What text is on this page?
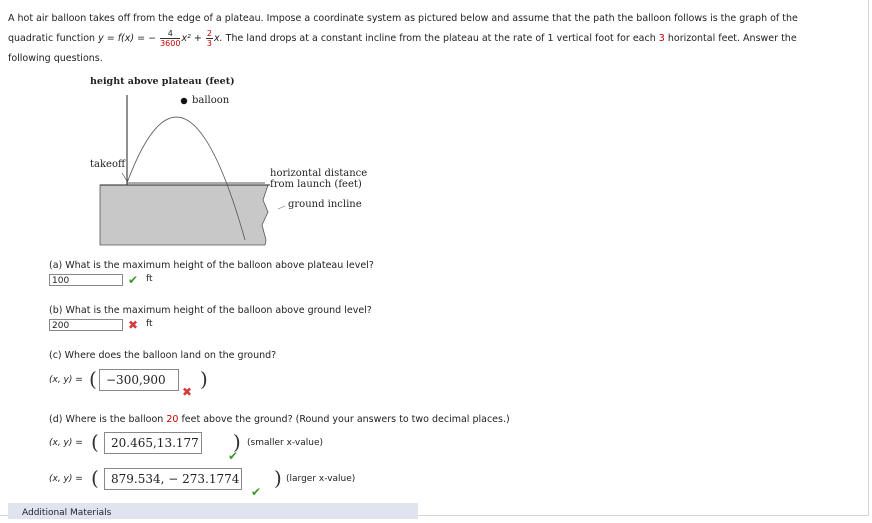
A hot air balloon takes off from the edge of a plateau. Impose a coordinate system as pictured below and assume that the path the balloon follows is the graph of the
quadratic function y = f(x) = − $\frac{4}{3600} x^2 + \frac{2}{3} x$. The land drops at a constant incline from the plateau at the rate of 1 vertical foot for each 3 horizontal feet. Answer the
following questions.
height above plateau (feet)
balloon
takeoff
horizontal distance
from launch (feet)
ground incline
(a) What is the maximum height of the balloon above plateau level?
100	✔ ft
(b) What is the maximum height of the balloon above ground level?
200	✖ ft
(c) Where does the balloon land on the ground?
(x, y) = ( −300,900
✖
)
(d) Where is the balloon 20 feet above the ground? (Round your answers to two decimal places.)
(x, y) = (	20.465,13.177 )
✔
(smaller x-value)
(x, y) = (	879.534, − 273.1774
✔
) (larger x-value)
Additional Materials
